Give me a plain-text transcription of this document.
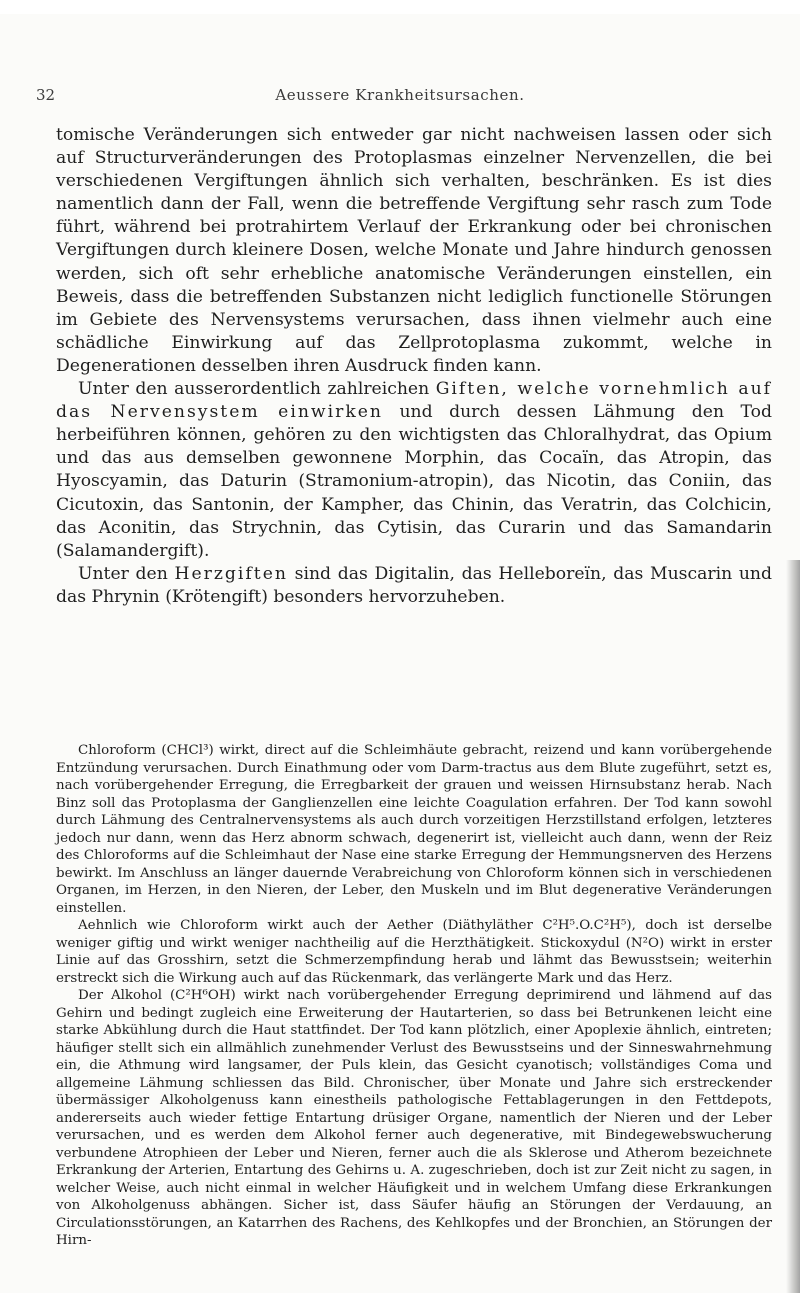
32	Aeussere Krankheitsursachen.

tomische Veränderungen sich entweder gar nicht nachweisen lassen oder sich auf Structurveränderungen des Protoplasmas einzelner Nervenzellen, die bei verschiedenen Vergiftungen ähnlich sich verhalten, beschränken. Es ist dies namentlich dann der Fall, wenn die betreffende Vergiftung sehr rasch zum Tode führt, während bei protrahirtem Verlauf der Erkrankung oder bei chronischen Vergiftungen durch kleinere Dosen, welche Monate und Jahre hindurch genossen werden, sich oft sehr erhebliche anatomische Veränderungen einstellen, ein Beweis, dass die betreffenden Substanzen nicht lediglich functionelle Störungen im Gebiete des Nervensystems verursachen, dass ihnen vielmehr auch eine schädliche Einwirkung auf das Zellprotoplasma zukommt, welche in Degenerationen desselben ihren Ausdruck finden kann.

Unter den ausserordentlich zahlreichen Giften, welche vornehmlich auf das Nervensystem einwirken und durch dessen Lähmung den Tod herbeiführen können, gehören zu den wichtigsten das Chloralhydrat, das Opium und das aus demselben gewonnene Morphin, das Cocaïn, das Atropin, das Hyoscyamin, das Daturin (Stramonium-atropin), das Nicotin, das Coniin, das Cicutoxin, das Santonin, der Kampher, das Chinin, das Veratrin, das Colchicin, das Aconitin, das Strychnin, das Cytisin, das Curarin und das Samandarin (Salamandergift).

Unter den Herzgiften sind das Digitalin, das Helleboreïn, das Muscarin und das Phrynin (Krötengift) besonders hervorzuheben.

Chloroform (CHCl³) wirkt, direct auf die Schleimhäute gebracht, reizend und kann vorübergehende Entzündung verursachen. Durch Einathmung oder vom Darm-tractus aus dem Blute zugeführt, setzt es, nach vorübergehender Erregung, die Erregbarkeit der grauen und weissen Hirnsubstanz herab. Nach Binz soll das Protoplasma der Ganglienzellen eine leichte Coagulation erfahren. Der Tod kann sowohl durch Lähmung des Centralnervensystems als auch durch vorzeitigen Herzstillstand erfolgen, letzteres jedoch nur dann, wenn das Herz abnorm schwach, degenerirt ist, vielleicht auch dann, wenn der Reiz des Chloroforms auf die Schleimhaut der Nase eine starke Erregung der Hemmungsnerven des Herzens bewirkt. Im Anschluss an länger dauernde Verabreichung von Chloroform können sich in verschiedenen Organen, im Herzen, in den Nieren, der Leber, den Muskeln und im Blut degenerative Veränderungen einstellen.

Aehnlich wie Chloroform wirkt auch der Aether (Diäthyläther C²H⁵.O.C²H⁵), doch ist derselbe weniger giftig und wirkt weniger nachtheilig auf die Herzthätigkeit. Stickoxydul (N²O) wirkt in erster Linie auf das Grosshirn, setzt die Schmerzempfindung herab und lähmt das Bewusstsein; weiterhin erstreckt sich die Wirkung auch auf das Rückenmark, das verlängerte Mark und das Herz.

Der Alkohol (C²H⁶OH) wirkt nach vorübergehender Erregung deprimirend und lähmend auf das Gehirn und bedingt zugleich eine Erweiterung der Hautarterien, so dass bei Betrunkenen leicht eine starke Abkühlung durch die Haut stattfindet. Der Tod kann plötzlich, einer Apoplexie ähnlich, eintreten; häufiger stellt sich ein allmählich zunehmender Verlust des Bewusstseins und der Sinneswahrnehmung ein, die Athmung wird langsamer, der Puls klein, das Gesicht cyanotisch; vollständiges Coma und allgemeine Lähmung schliessen das Bild. Chronischer, über Monate und Jahre sich erstreckender übermässiger Alkoholgenuss kann einestheils pathologische Fettablagerungen in den Fettdepots, andererseits auch wieder fettige Entartung drüsiger Organe, namentlich der Nieren und der Leber verursachen, und es werden dem Alkohol ferner auch degenerative, mit Bindegewebswucherung verbundene Atrophieen der Leber und Nieren, ferner auch die als Sklerose und Atherom bezeichnete Erkrankung der Arterien, Entartung des Gehirns u. A. zugeschrieben, doch ist zur Zeit nicht zu sagen, in welcher Weise, auch nicht einmal in welcher Häufigkeit und in welchem Umfang diese Erkrankungen von Alkoholgenuss abhängen. Sicher ist, dass Säufer häufig an Störungen der Verdauung, an Circulationsstörungen, an Katarrhen des Rachens, des Kehlkopfes und der Bronchien, an Störungen der Hirn-
